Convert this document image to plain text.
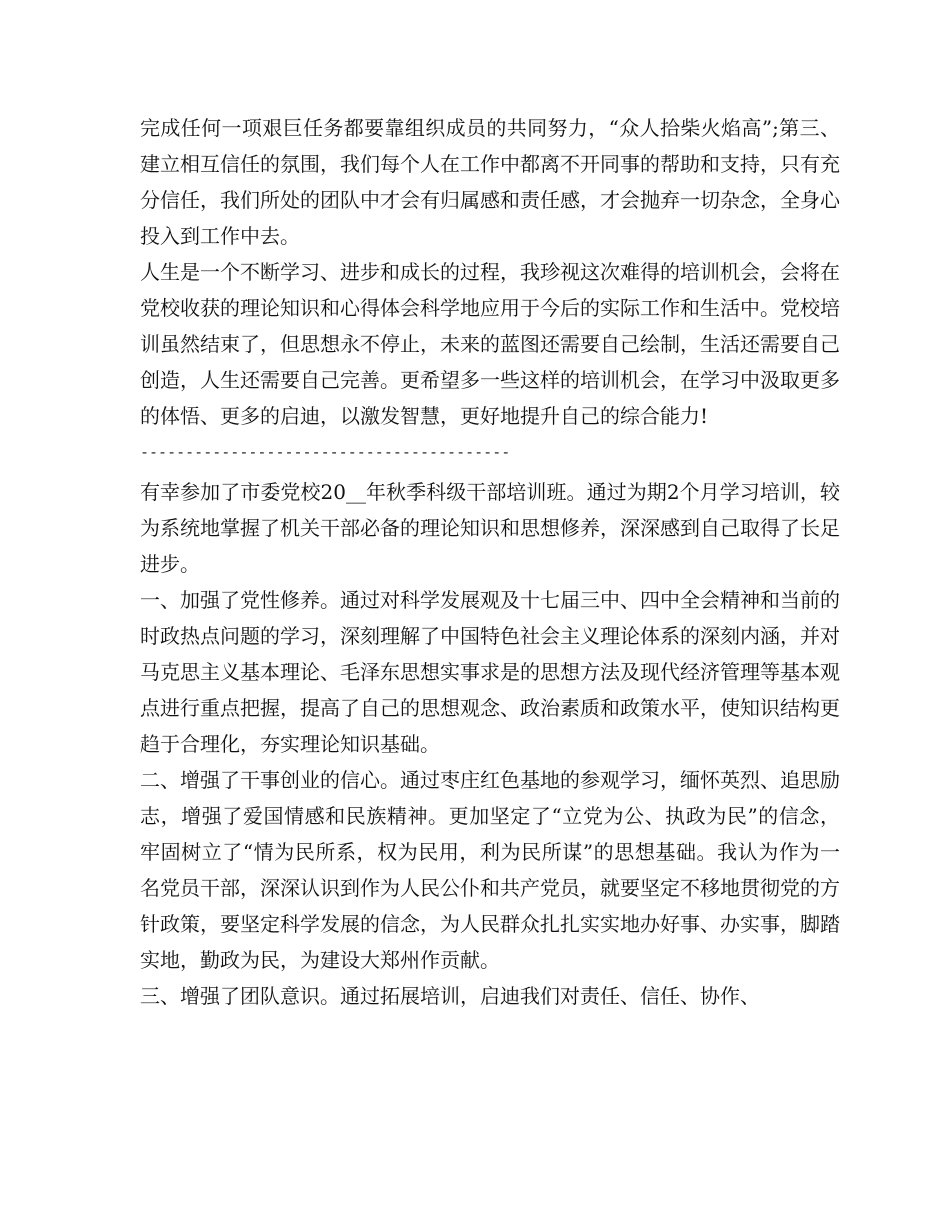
完成任何一项艰巨任务都要靠组织成员的共同努力，“众人拾柴火焰高”;第三、建立相互信任的氛围，我们每个人在工作中都离不开同事的帮助和支持，只有充分信任，我们所处的团队中才会有归属感和责任感，才会抛弃一切杂念，全身心投入到工作中去。

人生是一个不断学习、进步和成长的过程，我珍视这次难得的培训机会，会将在党校收获的理论知识和心得体会科学地应用于今后的实际工作和生活中。党校培训虽然结束了，但思想永不停止，未来的蓝图还需要自己绘制，生活还需要自己创造，人生还需要自己完善。更希望多一些这样的培训机会，在学习中汲取更多的体悟、更多的启迪，以激发智慧，更好地提升自己的综合能力!

-----------------------------------------

有幸参加了市委党校20__年秋季科级干部培训班。通过为期2个月学习培训，较为系统地掌握了机关干部必备的理论知识和思想修养，深深感到自己取得了长足进步。

一、加强了党性修养。通过对科学发展观及十七届三中、四中全会精神和当前的时政热点问题的学习，深刻理解了中国特色社会主义理论体系的深刻内涵，并对马克思主义基本理论、毛泽东思想实事求是的思想方法及现代经济管理等基本观点进行重点把握，提高了自己的思想观念、政治素质和政策水平，使知识结构更趋于合理化，夯实理论知识基础。

二、增强了干事创业的信心。通过枣庄红色基地的参观学习，缅怀英烈、追思励志，增强了爱国情感和民族精神。更加坚定了“立党为公、执政为民”的信念，牢固树立了“情为民所系，权为民用，利为民所谋”的思想基础。我认为作为一名党员干部，深深认识到作为人民公仆和共产党员，就要坚定不移地贯彻党的方针政策，要坚定科学发展的信念，为人民群众扎扎实实地办好事、办实事，脚踏实地，勤政为民，为建设大郑州作贡献。

三、增强了团队意识。通过拓展培训，启迪我们对责任、信任、协作、
